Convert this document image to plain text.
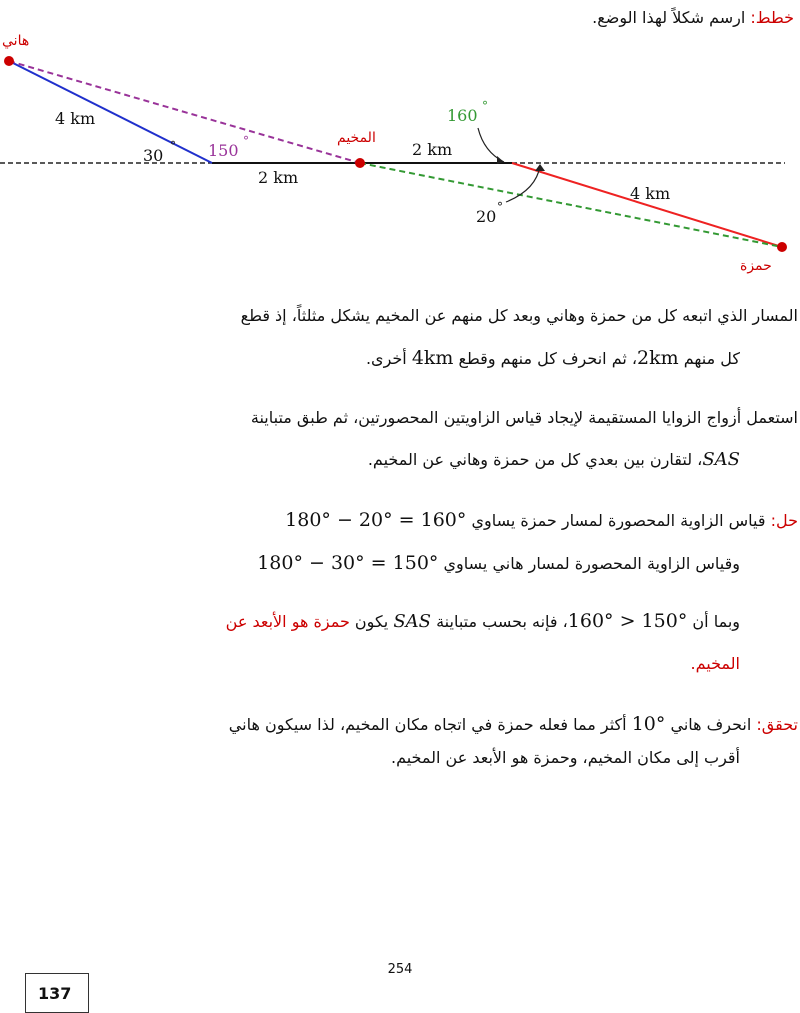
خطط: ارسم شكلاً لهذا الوضع.
هاني
المخيم
حمزة
4 km
2 km
2 km
4 km
30 ° 150 °
160 °
20 °
المسار الذي اتبعه كل من حمزة وهاني وبعد كل منهم عن المخيم يشكل مثلثاً، إذ قطع
كل منهم 2km، ثم انحرف كل منهم وقطع 4km أخرى.
استعمل أزواج الزوايا المستقيمة لإيجاد قياس الزاويتين المحصورتين، ثم طبق متباينة
SAS، لتقارن بين بعدي كل من حمزة وهاني عن المخيم.
حل: قياس الزاوية المحصورة لمسار حمزة يساوي 180° − 20° = 160°
وقياس الزاوية المحصورة لمسار هاني يساوي 180° − 30° = 150°
وبما أن 160° > 150°، فإنه بحسب متباينة SAS يكون حمزة هو الأبعد عن
المخيم.
تحقق: انحرف هاني 10° أكثر مما فعله حمزة في اتجاه مكان المخيم، لذا سيكون هاني
أقرب إلى مكان المخيم، وحمزة هو الأبعد عن المخيم.
254
137
